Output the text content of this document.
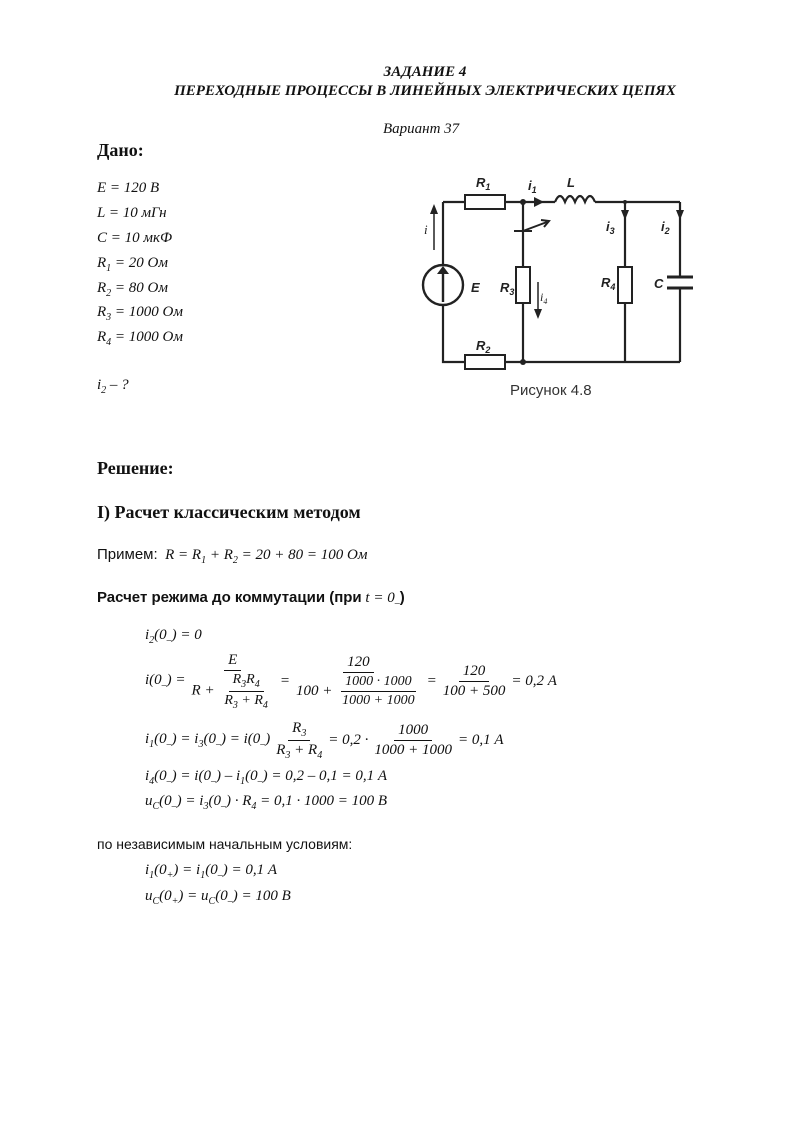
ЗАДАНИЕ 4
ПЕРЕХОДНЫЕ ПРОЦЕССЫ В ЛИНЕЙНЫХ ЭЛЕКТРИЧЕСКИХ ЦЕПЯХ
Вариант 37
Дано:
E = 120 В
L = 10 мГн
C = 10 мкФ
$R_1 = 20$ Ом
$R_2 = 80$ Ом
$R_3 = 1000$ Ом
$R_4 = 1000$ Ом
$i_2$ – ?
$R_1$	$i_1$ L
i
E $R_3$ $i_4$
$i_3$
$R_4$
$i_2$
C
$R_2$
Рисунок 4.8
Решение:
I) Расчет классическим методом
Примем: $R = R_1 + R_2 = 20 + 80 = 100$ Ом
Расчет режима до коммутации (при $t = 0_-$)
$i_2(0_-) = 0$
$i(0_-) = \frac{E}{R + \frac{R_3R_4}{R_3 + R_4}} = \frac{120}{100 + \frac{1000 \cdot 1000}{1000 + 1000}} = \frac{120}{100 + 500} = 0,2$ А
$i_1(0_-) = i_3(0_-) = i(0_-) \frac{R_3}{R_3 + R_4} = 0,2 \cdot \frac{1000}{1000 + 1000} = 0,1$ А
$i_4(0_-) = i(0_-) - i_1(0_-) = 0,2 - 0,1 = 0,1$ А
$u_C(0_-) = i_3(0_-) \cdot R_4 = 0,1 \cdot 1000 = 100$ В
по независимым начальным условиям:
$i_1(0_+) = i_1(0_-) = 0,1$ А
$u_C(0_+) = u_C(0_-) = 100$ В
